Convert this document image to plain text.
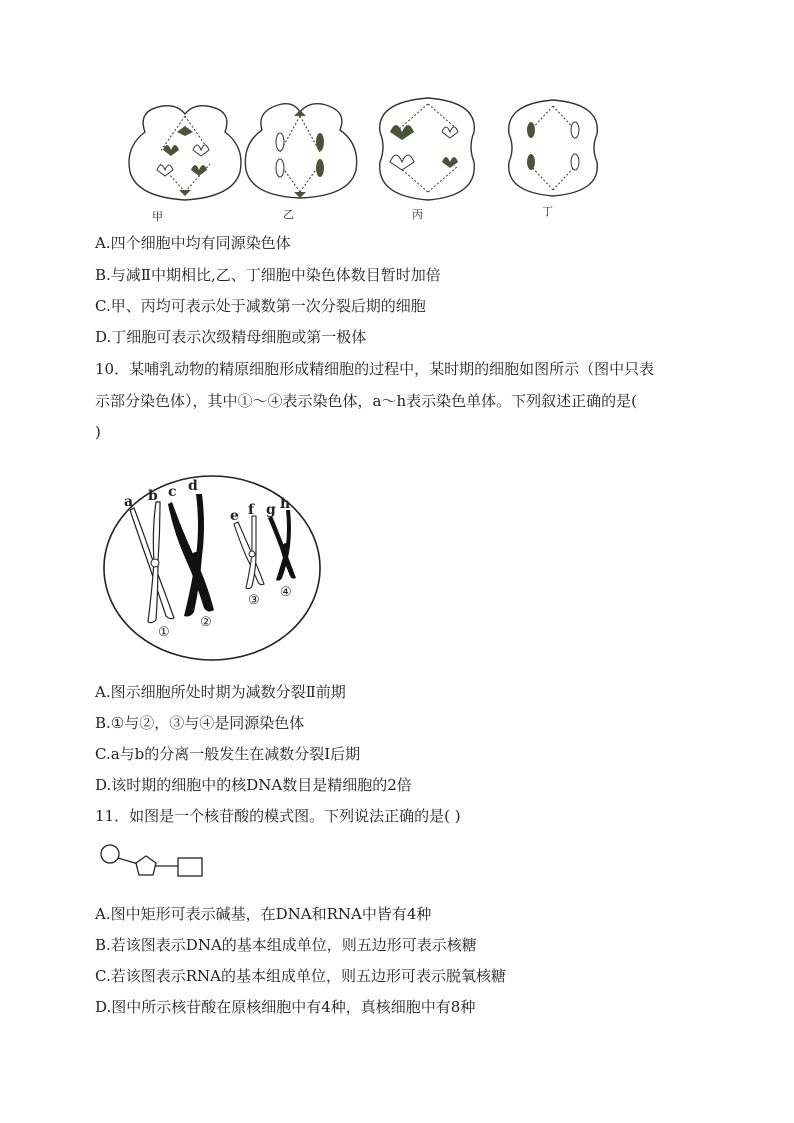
甲	乙	丙	丁
A.四个细胞中均有同源染色体
B.与减Ⅱ中期相比,乙、丁细胞中染色体数目暂时加倍
C.甲、丙均可表示处于减数第一次分裂后期的细胞
D.丁细胞可表示次级精母细胞或第一极体
10．某哺乳动物的精原细胞形成精细胞的过程中，某时期的细胞如图所示（图中只表
示部分染色体），其中①～④表示染色体，a～h表示染色单体。下列叙述正确的是(
)
a b c d
e f g h
①
②
③
④
A.图示细胞所处时期为减数分裂Ⅱ前期
B.①与②，③与④是同源染色体
C.a与b的分离一般发生在减数分裂Ⅰ后期
D.该时期的细胞中的核DNA数目是精细胞的2倍
11．如图是一个核苷酸的模式图。下列说法正确的是( )
A.图中矩形可表示碱基，在DNA和RNA中皆有4种
B.若该图表示DNA的基本组成单位，则五边形可表示核糖
C.若该图表示RNA的基本组成单位，则五边形可表示脱氧核糖
D.图中所示核苷酸在原核细胞中有4种，真核细胞中有8种
